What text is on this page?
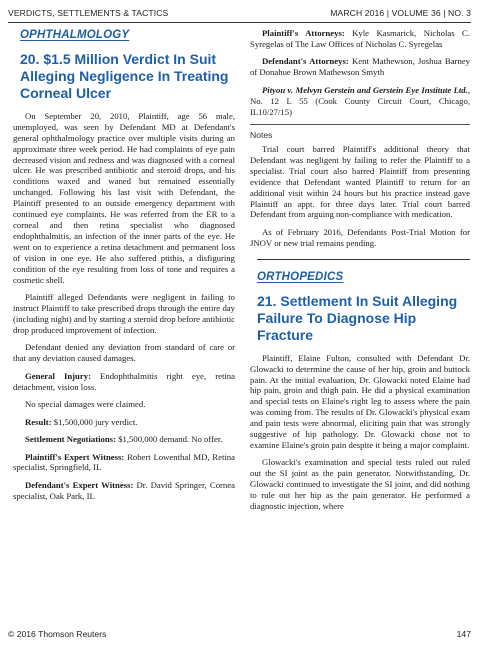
VERDICTS, SETTLEMENTS & TACTICS	MARCH 2016 | VOLUME 36 | NO. 3
OPHTHALMOLOGY
20. $1.5 Million Verdict In Suit Alleging Negligence In Treating Corneal Ulcer

On September 20, 2010, Plaintiff, age 56 male, unemployed, was seen by Defendant MD at Defendant's general ophthalmology practice over multiple visits during an approximate three week period. He had complaints of eye pain decreased vision and redness and was diagnosed with a corneal ulcer. He was prescribed antibiotic and steroid drops, and his conditions waxed and waned but remained essentially unchanged. Following his last visit with Defendant, the Plaintiff presented to an outside emergency department with continued eye complaints. He was referred from the ER to a corneal and then retina specialist who diagnosed endophthalmitis, an infection of the inner parts of the eye. He went on to experience a retina detachment and permanent loss of vision in one eye. He also suffered ptithis, a disfiguring condition of the eye resulting from loss of tone and requires a cosmetic shell.

Plaintiff alleged Defendants were negligent in failing to instruct Plaintiff to take prescribed drops through the entire day (including night) and by starting a steroid drop before antibiotic drop produced improvement of infection.

Defendant denied any deviation from standard of care or that any deviation caused damages.

General Injury: Endophthalmitis right eye, retina detachment, vision loss.

No special damages were claimed.

Result: $1,500,000 jury verdict.

Settlement Negotiations: $1,500,000 demand. No offer.

Plaintiff's Expert Witness: Robert Lowenthal MD, Retina specialist, Springfield, IL

Defendant's Expert Witness: Dr. David Springer, Cornea specialist, Oak Park, IL

Plaintiff's Attorneys: Kyle Kasmarick, Nicholas C. Syregelas of The Law Offices of Nicholas C. Syregelas

Defendant's Attorneys: Kent Mathewson, Joshua Barney of Donahue Brown Mathewson Smyth

Pityou v. Melvyn Gerstein and Gerstein Eye Institute Ltd., No. 12 L 55 (Cook County Circuit Court, Chicago, IL10/27/15)

Notes

Trial court barred Plaintiff's additional theory that Defendant was negligent by failing to refer the Plaintiff to a specialist. Trial court also barred Plaintiff from presenting evidence that Defendant wanted Plaintiff to return for an additional visit within 24 hours but his practice instead gave Plaintiff an appt. for three days later. Trial court barred Defendant from arguing non-compliance with medication.

As of February 2016, Defendants Post-Trial Motion for JNOV or new trial remains pending.

ORTHOPEDICS
21. Settlement In Suit Alleging Failure To Diagnose Hip Fracture

Plaintiff, Elaine Fulton, consulted with Defendant Dr. Glowacki to determine the cause of her hip, groin and buttock pain. At the initial evaluation, Dr. Glowacki noted Elaine had hip pain, groin and thigh pain. He did a physical examination and special tests on Elaine's right leg to assess where the pain was coming from. The results of Dr. Glowacki's physical exam and pain tests were abnormal, eliciting pain that was strongly suggestive of hip pathology. Dr. Glowacki chose not to examine Elaine's groin pain despite it being a major complaint.

Glowacki's examination and special tests ruled out ruled out the SI joint as the pain generator. Notwithstanding, Dr. Glowacki continued to investigate the SI joint, and did nothing to rule out her hip as the pain generator. He performed a diagnostic injection, where

© 2016 Thomson Reuters	147
